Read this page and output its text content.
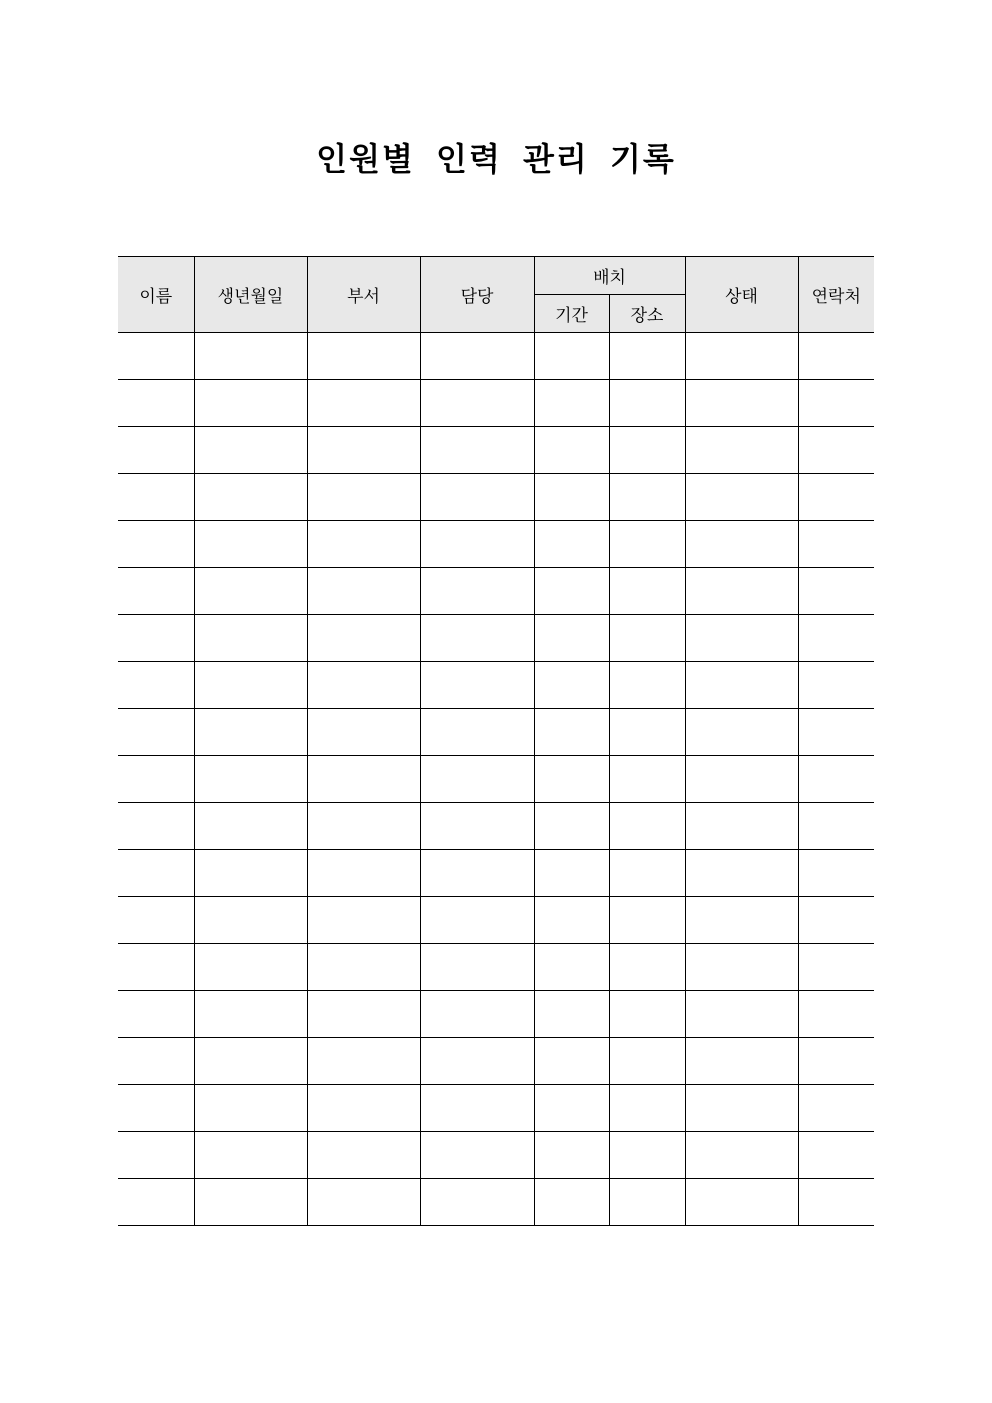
인원별 인력 관리 기록
이름	생년월일	부서	담당	배치		상태	연락처
				기간	장소		
